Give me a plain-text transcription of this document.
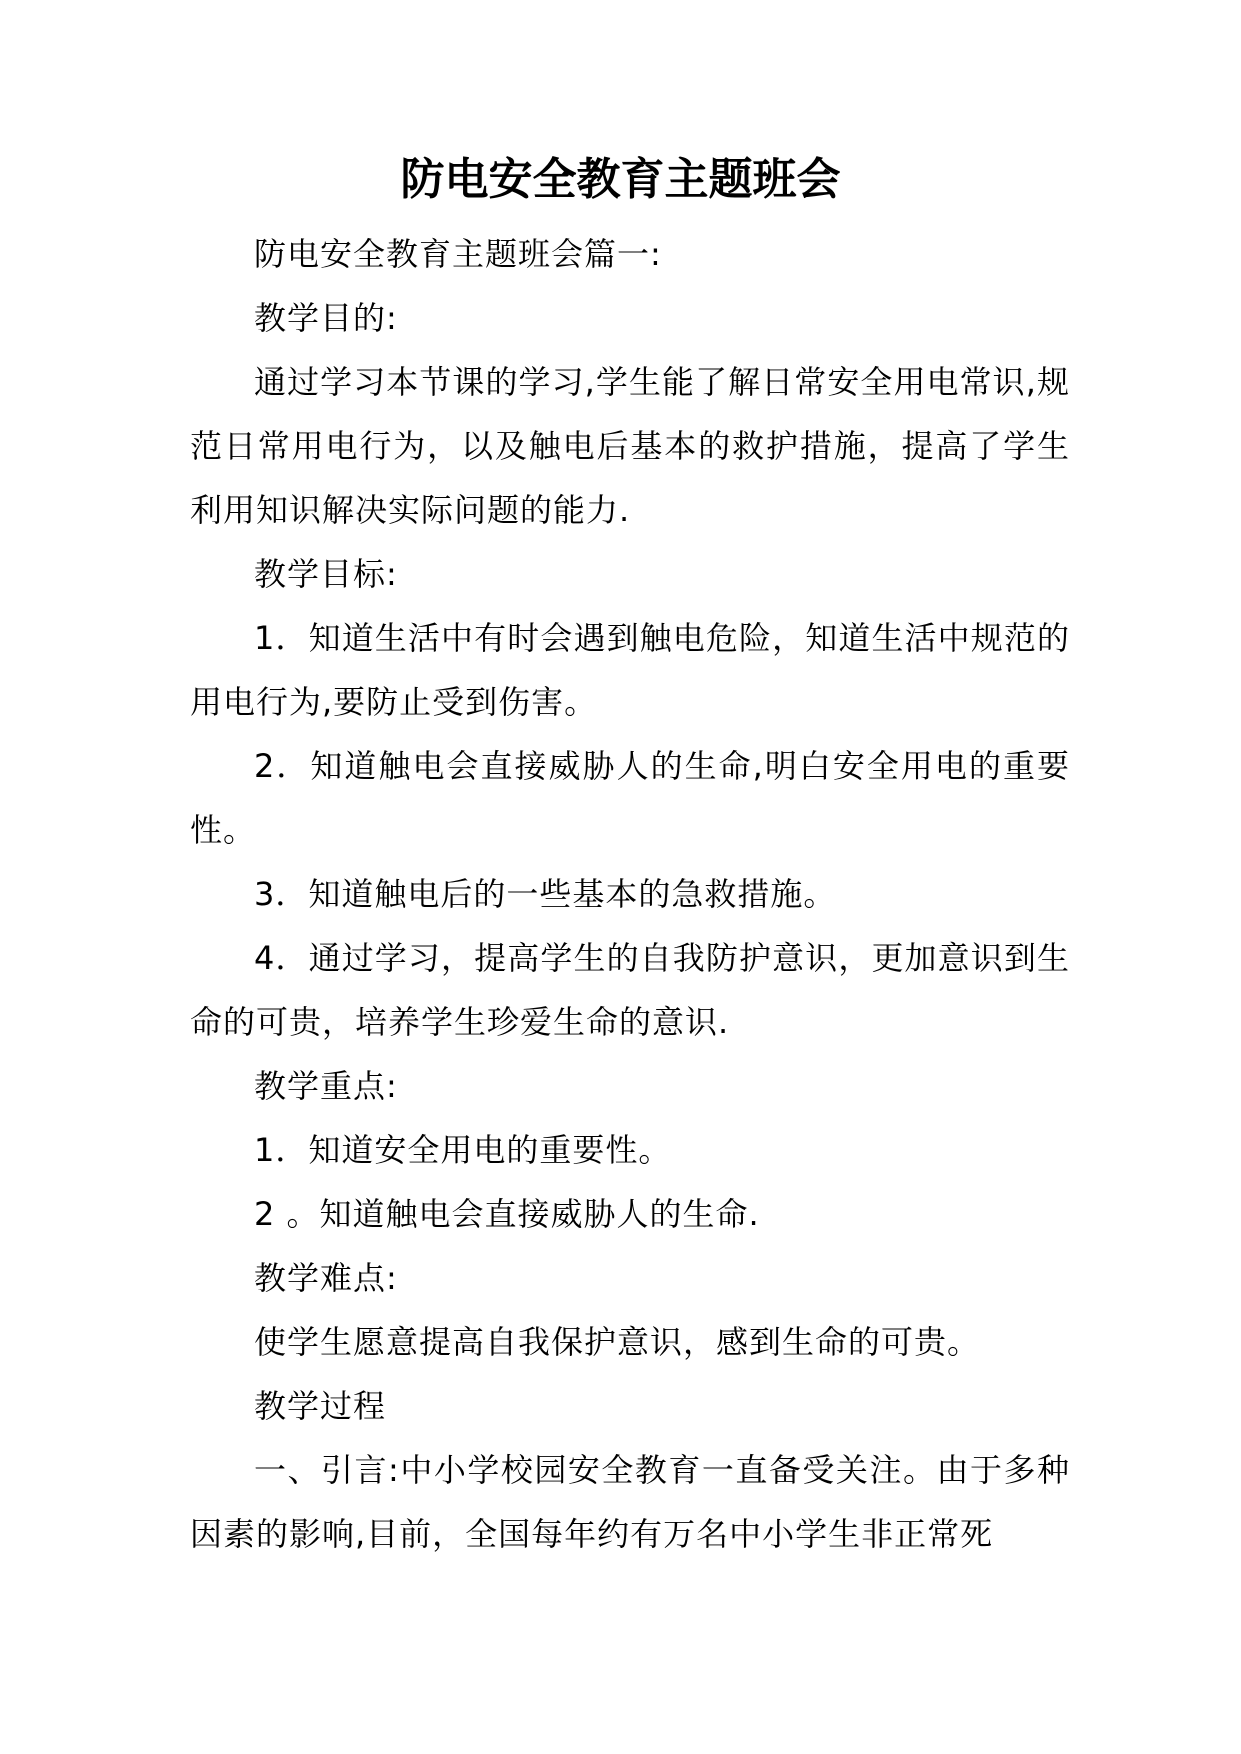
防电安全教育主题班会

防电安全教育主题班会篇一:

教学目的:

通过学习本节课的学习,学生能了解日常安全用电常识,规范日常用电行为，以及触电后基本的救护措施，提高了学生利用知识解决实际问题的能力.

教学目标:

1．知道生活中有时会遇到触电危险，知道生活中规范的用电行为,要防止受到伤害。

2．知道触电会直接威胁人的生命,明白安全用电的重要性。

3．知道触电后的一些基本的急救措施。

4．通过学习，提高学生的自我防护意识，更加意识到生命的可贵，培养学生珍爱生命的意识.

教学重点:

1．知道安全用电的重要性。

2 。知道触电会直接威胁人的生命.

教学难点:

使学生愿意提高自我保护意识，感到生命的可贵。

教学过程

一、引言:中小学校园安全教育一直备受关注。由于多种因素的影响,目前，全国每年约有万名中小学生非正常死
